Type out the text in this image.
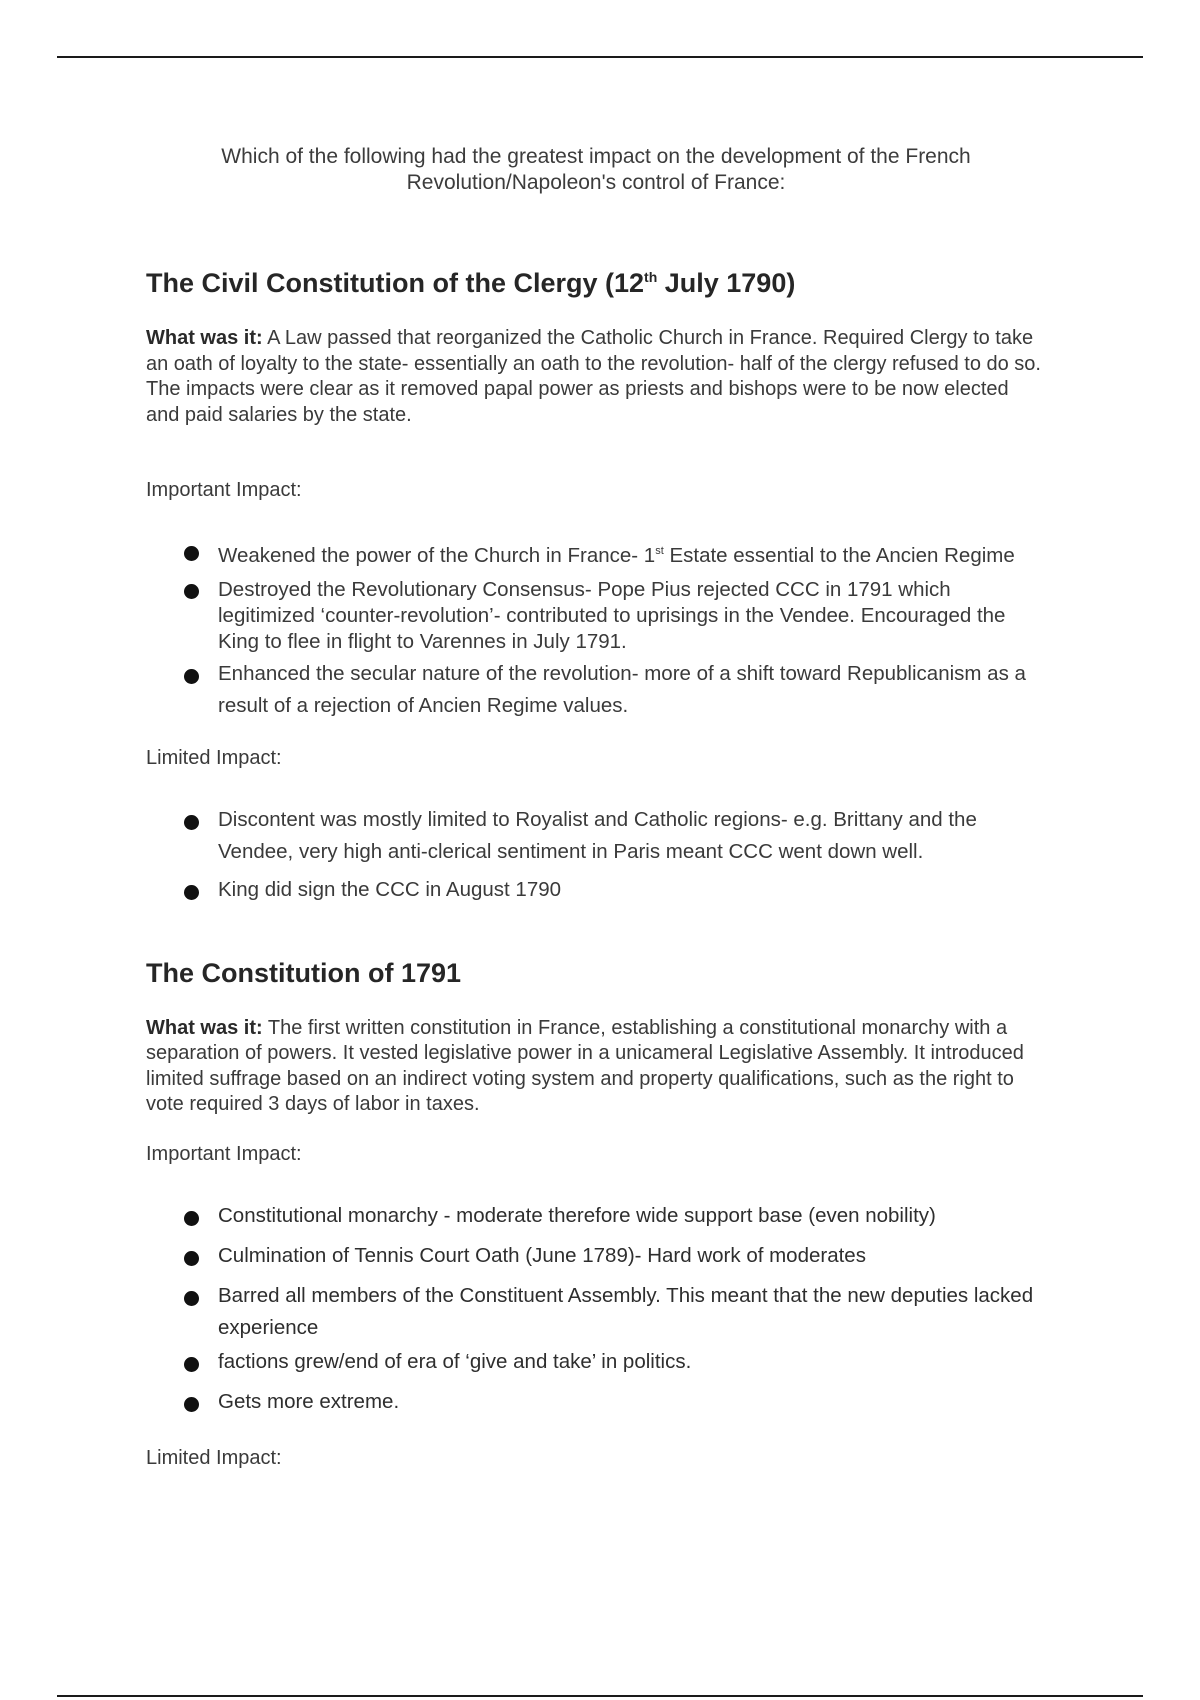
Which of the following had the greatest impact on the development of the French
Revolution/Napoleon's control of France:

The Civil Constitution of the Clergy (12th July 1790)

What was it: A Law passed that reorganized the Catholic Church in France. Required Clergy to take an oath of loyalty to the state- essentially an oath to the revolution- half of the clergy refused to do so. The impacts were clear as it removed papal power as priests and bishops were to be now elected and paid salaries by the state.

Important Impact:

Weakened the power of the Church in France- 1st Estate essential to the Ancien Regime
Destroyed the Revolutionary Consensus- Pope Pius rejected CCC in 1791 which legitimized ‘counter-revolution’- contributed to uprisings in the Vendee. Encouraged the King to flee in flight to Varennes in July 1791.
Enhanced the secular nature of the revolution- more of a shift toward Republicanism as a result of a rejection of Ancien Regime values.

Limited Impact:

Discontent was mostly limited to Royalist and Catholic regions- e.g. Brittany and the Vendee, very high anti-clerical sentiment in Paris meant CCC went down well.
King did sign the CCC in August 1790
The Constitution of 1791

What was it: The first written constitution in France, establishing a constitutional monarchy with a separation of powers. It vested legislative power in a unicameral Legislative Assembly. It introduced limited suffrage based on an indirect voting system and property qualifications, such as the right to vote required 3 days of labor in taxes.

Important Impact:

Constitutional monarchy - moderate therefore wide support base (even nobility)
Culmination of Tennis Court Oath (June 1789)- Hard work of moderates
Barred all members of the Constituent Assembly. This meant that the new deputies lacked experience
factions grew/end of era of ‘give and take’ in politics.
Gets more extreme.

Limited Impact:
